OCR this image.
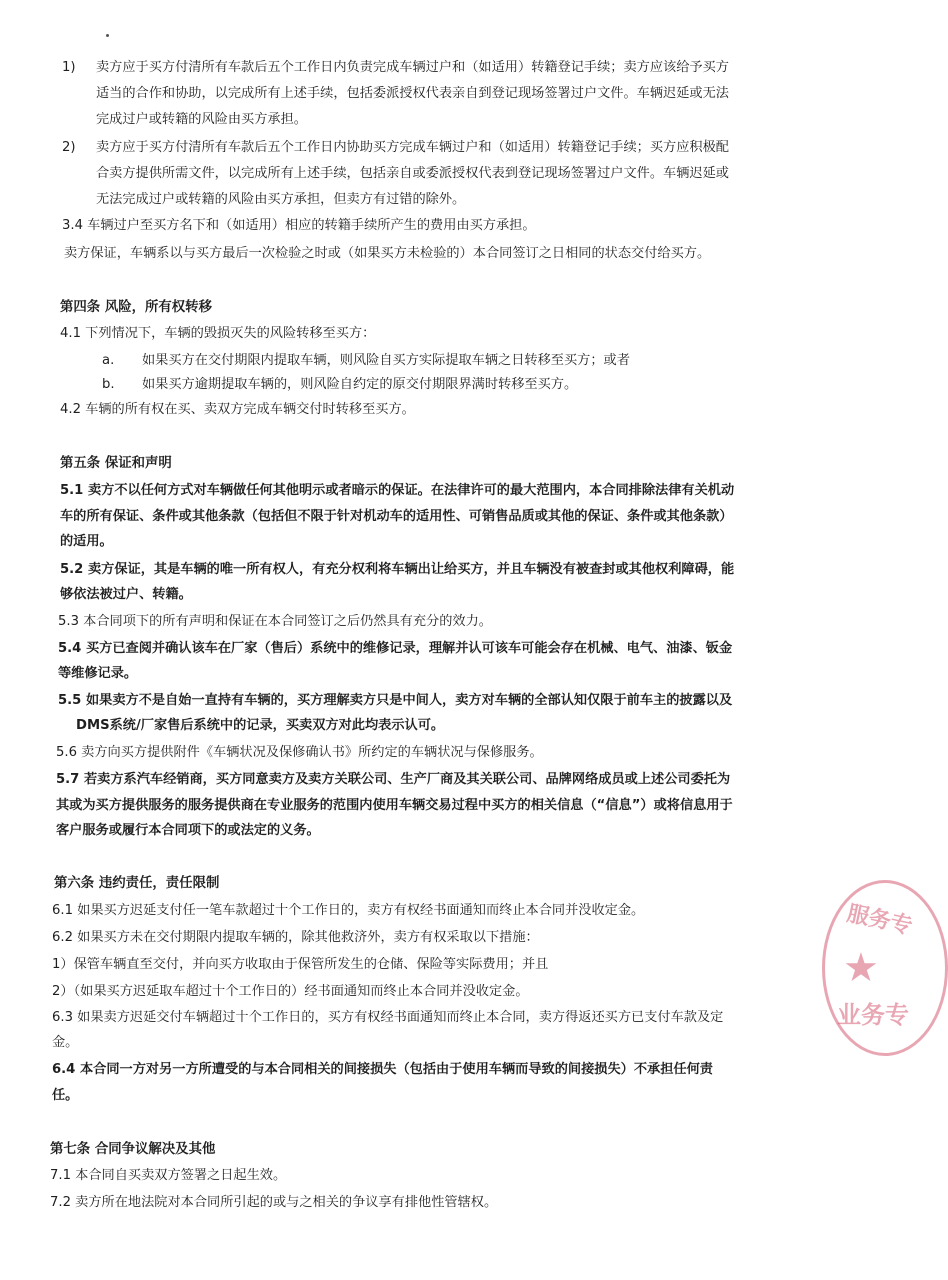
1) 卖方应于买方付清所有车款后五个工作日内负责完成车辆过户和（如适用）转籍登记手续；卖方应该给予买方
适当的合作和协助，以完成所有上述手续，包括委派授权代表亲自到登记现场签署过户文件。车辆迟延或无法
完成过户或转籍的风险由买方承担。
2) 卖方应于买方付清所有车款后五个工作日内协助买方完成车辆过户和（如适用）转籍登记手续；买方应积极配
合卖方提供所需文件，以完成所有上述手续，包括亲自或委派授权代表到登记现场签署过户文件。车辆迟延或
无法完成过户或转籍的风险由买方承担，但卖方有过错的除外。
3.4 车辆过户至买方名下和（如适用）相应的转籍手续所产生的费用由买方承担。
卖方保证，车辆系以与买方最后一次检验之时或（如果买方未检验的）本合同签订之日相同的状态交付给买方。
第四条 风险，所有权转移
4.1 下列情况下，车辆的毁损灭失的风险转移至买方：
a. 如果买方在交付期限内提取车辆，则风险自买方实际提取车辆之日转移至买方；或者
b. 如果买方逾期提取车辆的，则风险自约定的原交付期限界满时转移至买方。
4.2 车辆的所有权在买、卖双方完成车辆交付时转移至买方。
第五条 保证和声明
5.1 卖方不以任何方式对车辆做任何其他明示或者暗示的保证。在法律许可的最大范围内，本合同排除法律有关机动
车的所有保证、条件或其他条款（包括但不限于针对机动车的适用性、可销售品质或其他的保证、条件或其他条款）
的适用。
5.2 卖方保证，其是车辆的唯一所有权人，有充分权利将车辆出让给买方，并且车辆没有被查封或其他权利障碍，能
够依法被过户、转籍。
5.3 本合同项下的所有声明和保证在本合同签订之后仍然具有充分的效力。
5.4 买方已查阅并确认该车在厂家（售后）系统中的维修记录，理解并认可该车可能会存在机械、电气、油漆、钣金
等维修记录。
5.5 如果卖方不是自始一直持有车辆的，买方理解卖方只是中间人，卖方对车辆的全部认知仅限于前车主的披露以及
DMS系统/厂家售后系统中的记录，买卖双方对此均表示认可。
5.6 卖方向买方提供附件《车辆状况及保修确认书》所约定的车辆状况与保修服务。
5.7 若卖方系汽车经销商，买方同意卖方及卖方关联公司、生产厂商及其关联公司、品牌网络成员或上述公司委托为
其或为买方提供服务的服务提供商在专业服务的范围内使用车辆交易过程中买方的相关信息（“信息”）或将信息用于
客户服务或履行本合同项下的或法定的义务。
第六条 违约责任，责任限制
6.1 如果买方迟延支付任一笔车款超过十个工作日的，卖方有权经书面通知而终止本合同并没收定金。
6.2 如果买方未在交付期限内提取车辆的，除其他救济外，卖方有权采取以下措施：
1）保管车辆直至交付，并向买方收取由于保管所发生的仓储、保险等实际费用；并且
2）（如果买方迟延取车超过十个工作日的）经书面通知而终止本合同并没收定金。
6.3 如果卖方迟延交付车辆超过十个工作日的，买方有权经书面通知而终止本合同，卖方得返还买方已支付车款及定
金。
6.4 本合同一方对另一方所遭受的与本合同相关的间接损失（包括由于使用车辆而导致的间接损失）不承担任何责
任。
第七条 合同争议解决及其他
7.1 本合同自买卖双方签署之日起生效。
7.2 卖方所在地法院对本合同所引起的或与之相关的争议享有排他性管辖权。
服务专
★
业务专
